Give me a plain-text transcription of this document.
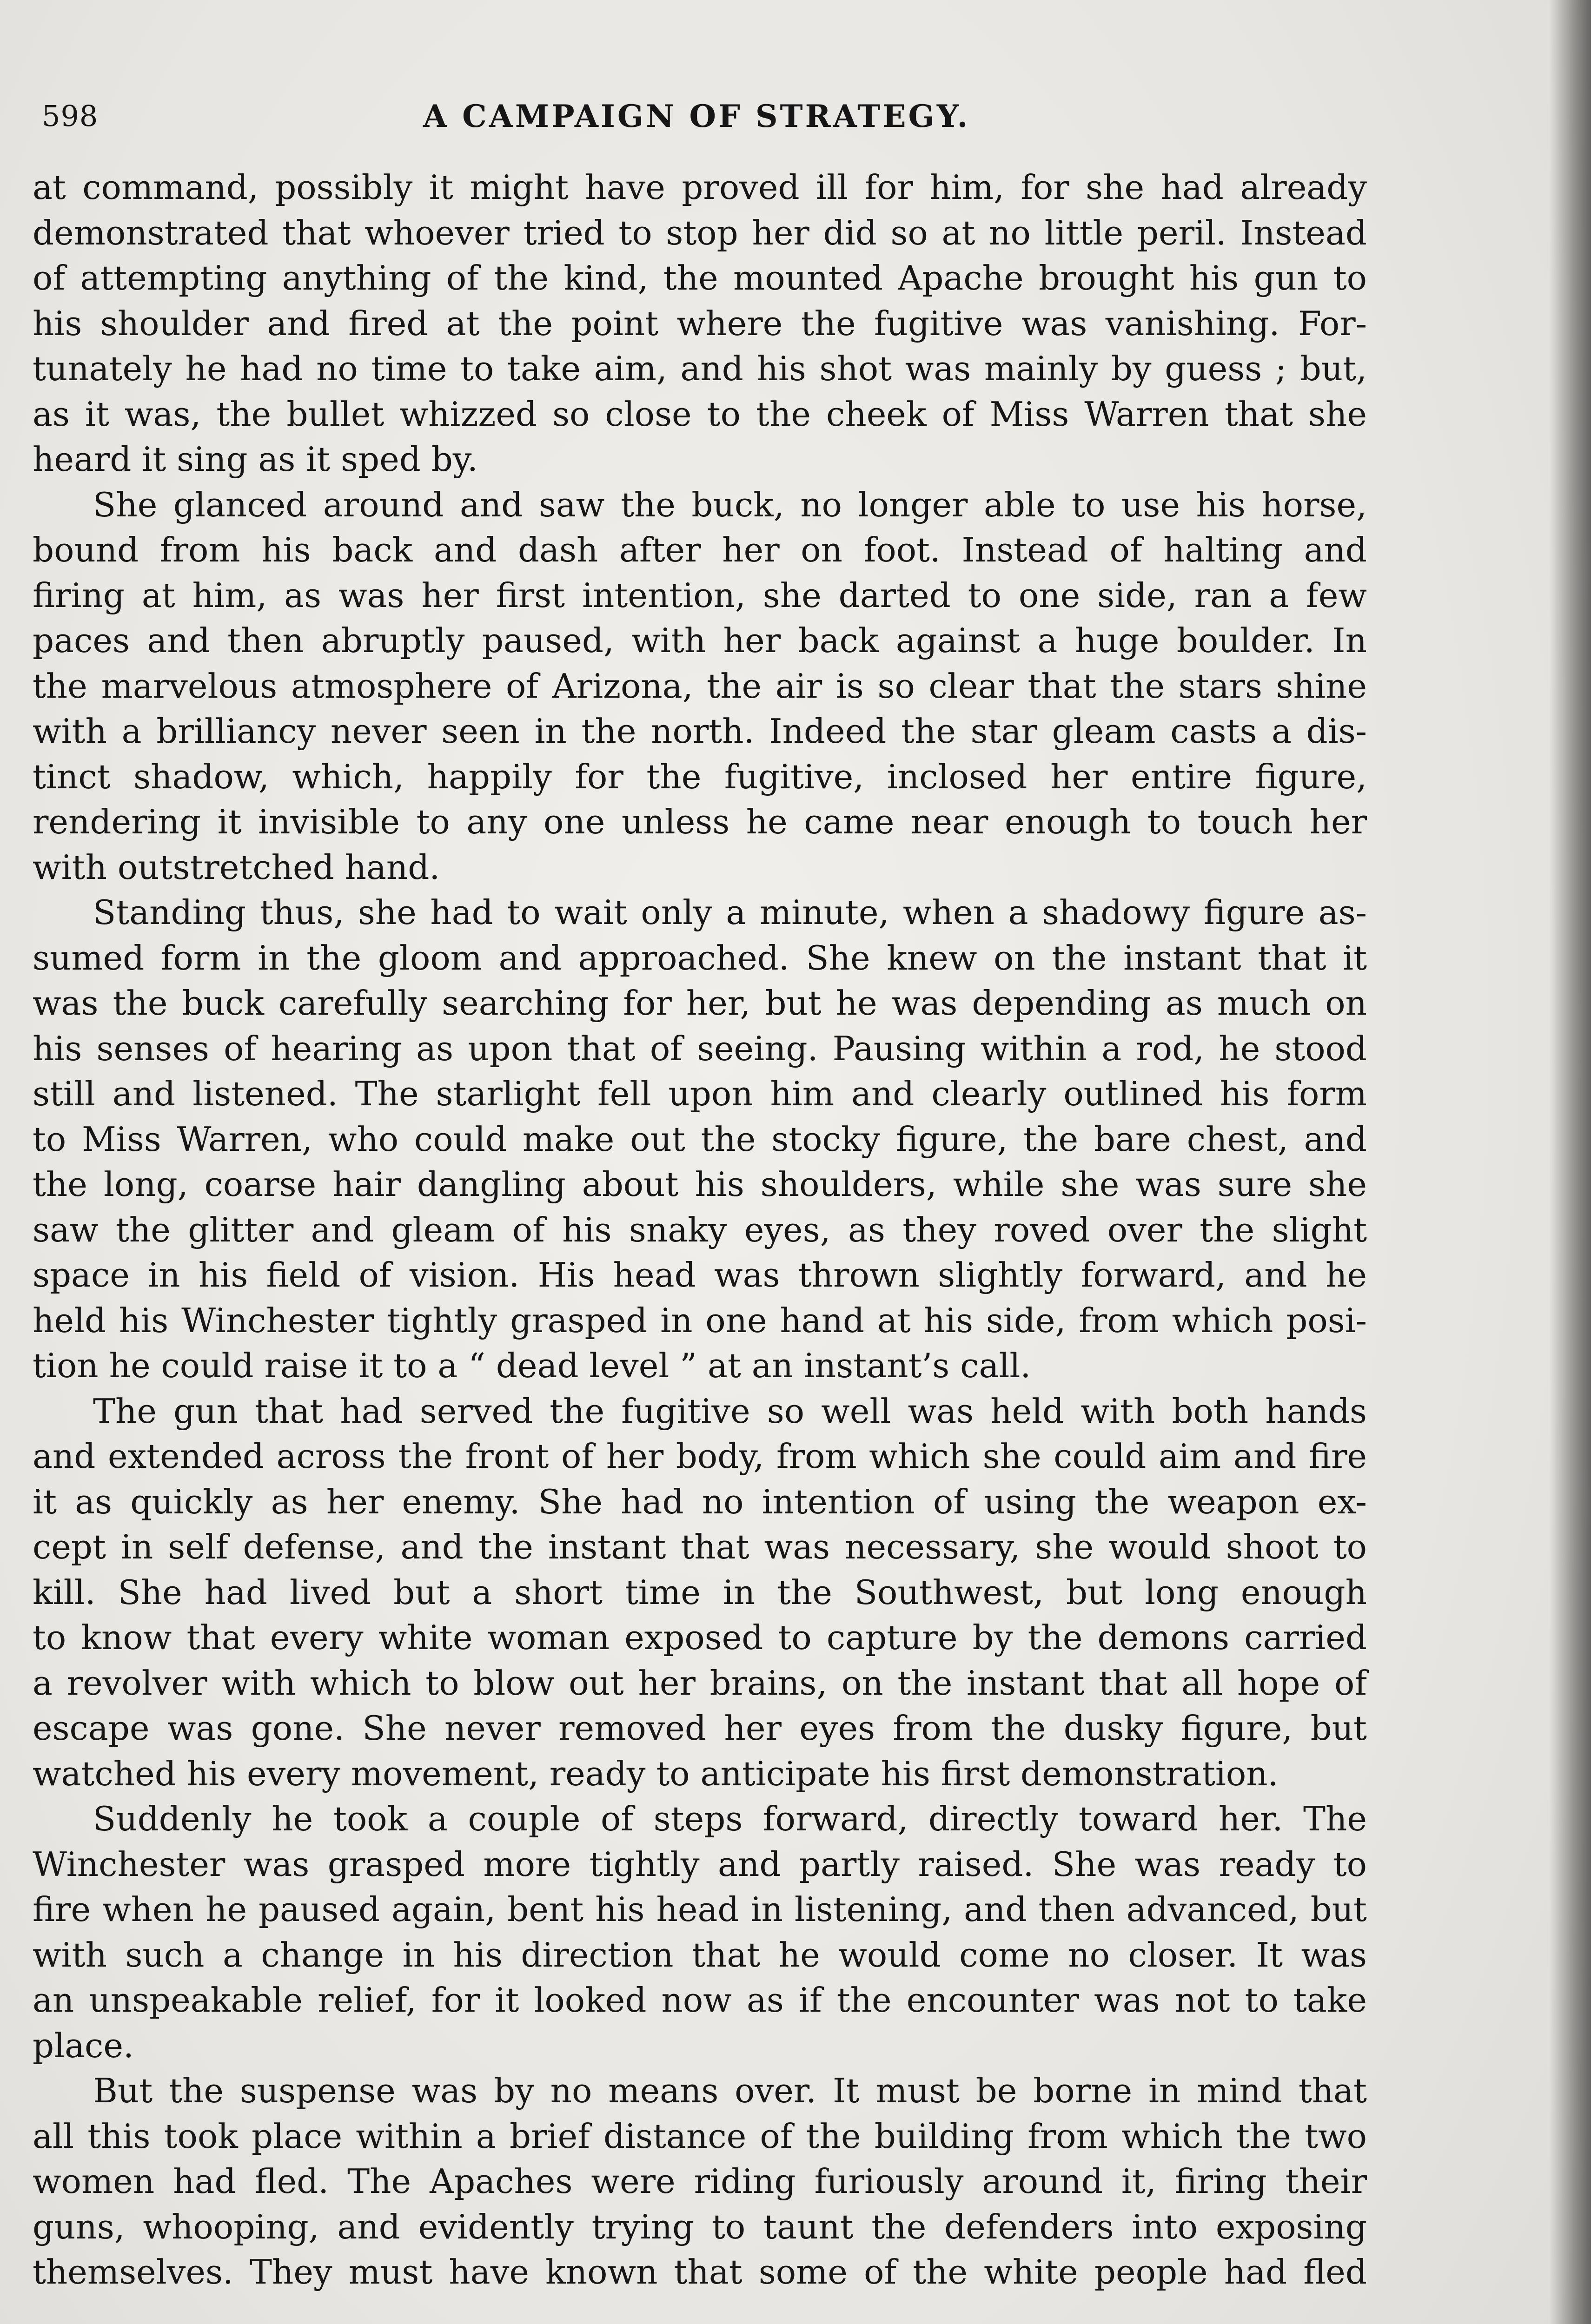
598	A CAMPAIGN OF STRATEGY.
at command, possibly it might have proved ill for him, for she had already
demonstrated that whoever tried to stop her did so at no little peril. Instead
of attempting anything of the kind, the mounted Apache brought his gun to
his shoulder and fired at the point where the fugitive was vanishing. For-
tunately he had no time to take aim, and his shot was mainly by guess ; but,
as it was, the bullet whizzed so close to the cheek of Miss Warren that she
heard it sing as it sped by.
She glanced around and saw the buck, no longer able to use his horse,
bound from his back and dash after her on foot. Instead of halting and
firing at him, as was her first intention, she darted to one side, ran a few
paces and then abruptly paused, with her back against a huge boulder. In
the marvelous atmosphere of Arizona, the air is so clear that the stars shine
with a brilliancy never seen in the north. Indeed the star gleam casts a dis-
tinct shadow, which, happily for the fugitive, inclosed her entire figure,
rendering it invisible to any one unless he came near enough to touch her
with outstretched hand.
Standing thus, she had to wait only a minute, when a shadowy figure as-
sumed form in the gloom and approached. She knew on the instant that it
was the buck carefully searching for her, but he was depending as much on
his senses of hearing as upon that of seeing. Pausing within a rod, he stood
still and listened. The starlight fell upon him and clearly outlined his form
to Miss Warren, who could make out the stocky figure, the bare chest, and
the long, coarse hair dangling about his shoulders, while she was sure she
saw the glitter and gleam of his snaky eyes, as they roved over the slight
space in his field of vision. His head was thrown slightly forward, and he
held his Winchester tightly grasped in one hand at his side, from which posi-
tion he could raise it to a “ dead level ” at an instant’s call.
The gun that had served the fugitive so well was held with both hands
and extended across the front of her body, from which she could aim and fire
it as quickly as her enemy. She had no intention of using the weapon ex-
cept in self defense, and the instant that was necessary, she would shoot to
kill. She had lived but a short time in the Southwest, but long enough
to know that every white woman exposed to capture by the demons carried
a revolver with which to blow out her brains, on the instant that all hope of
escape was gone. She never removed her eyes from the dusky figure, but
watched his every movement, ready to anticipate his first demonstration.
Suddenly he took a couple of steps forward, directly toward her. The
Winchester was grasped more tightly and partly raised. She was ready to
fire when he paused again, bent his head in listening, and then advanced, but
with such a change in his direction that he would come no closer. It was
an unspeakable relief, for it looked now as if the encounter was not to take
place.
But the suspense was by no means over. It must be borne in mind that
all this took place within a brief distance of the building from which the two
women had fled. The Apaches were riding furiously around it, firing their
guns, whooping, and evidently trying to taunt the defenders into exposing
themselves. They must have known that some of the white people had fled
